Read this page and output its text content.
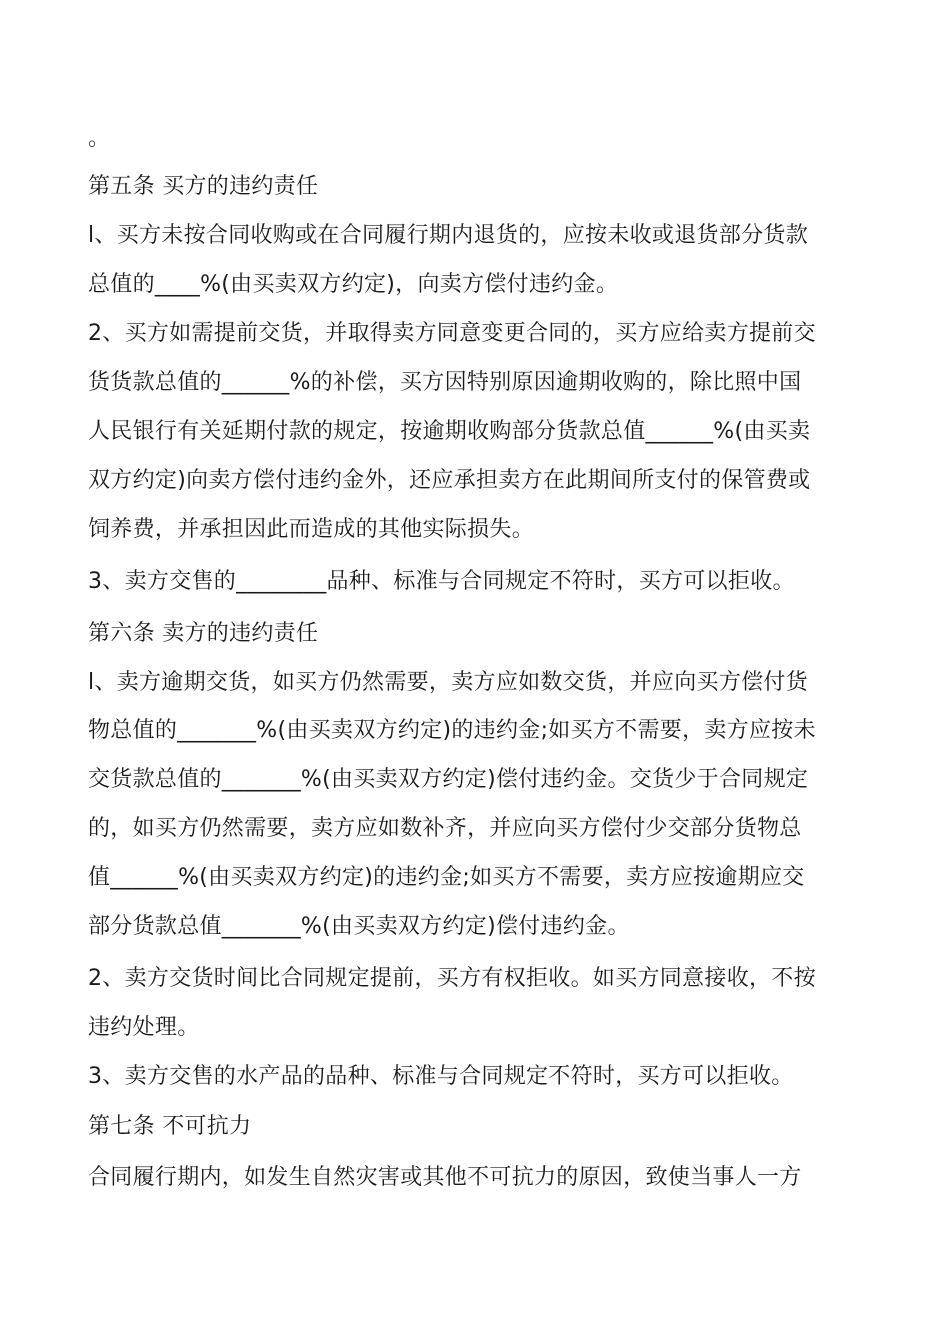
。
第五条 买方的违约责任
l、买方未按合同收购或在合同履行期内退货的，应按未收或退货部分货款
总值的____%(由买卖双方约定)，向卖方偿付违约金。
2、买方如需提前交货，并取得卖方同意变更合同的，买方应给卖方提前交
货货款总值的______%的补偿，买方因特别原因逾期收购的，除比照中国
人民银行有关延期付款的规定，按逾期收购部分货款总值______%(由买卖
双方约定)向卖方偿付违约金外，还应承担卖方在此期间所支付的保管费或
饲养费，并承担因此而造成的其他实际损失。
3、卖方交售的________品种、标准与合同规定不符时，买方可以拒收。
第六条 卖方的违约责任
l、卖方逾期交货，如买方仍然需要，卖方应如数交货，并应向买方偿付货
物总值的_______%(由买卖双方约定)的违约金;如买方不需要，卖方应按未
交货款总值的_______%(由买卖双方约定)偿付违约金。交货少于合同规定
的，如买方仍然需要，卖方应如数补齐，并应向买方偿付少交部分货物总
值______%(由买卖双方约定)的违约金;如买方不需要，卖方应按逾期应交
部分货款总值_______%(由买卖双方约定)偿付违约金。
2、卖方交货时间比合同规定提前，买方有权拒收。如买方同意接收，不按
违约处理。
3、卖方交售的水产品的品种、标准与合同规定不符时，买方可以拒收。
第七条 不可抗力
合同履行期内，如发生自然灾害或其他不可抗力的原因，致使当事人一方
